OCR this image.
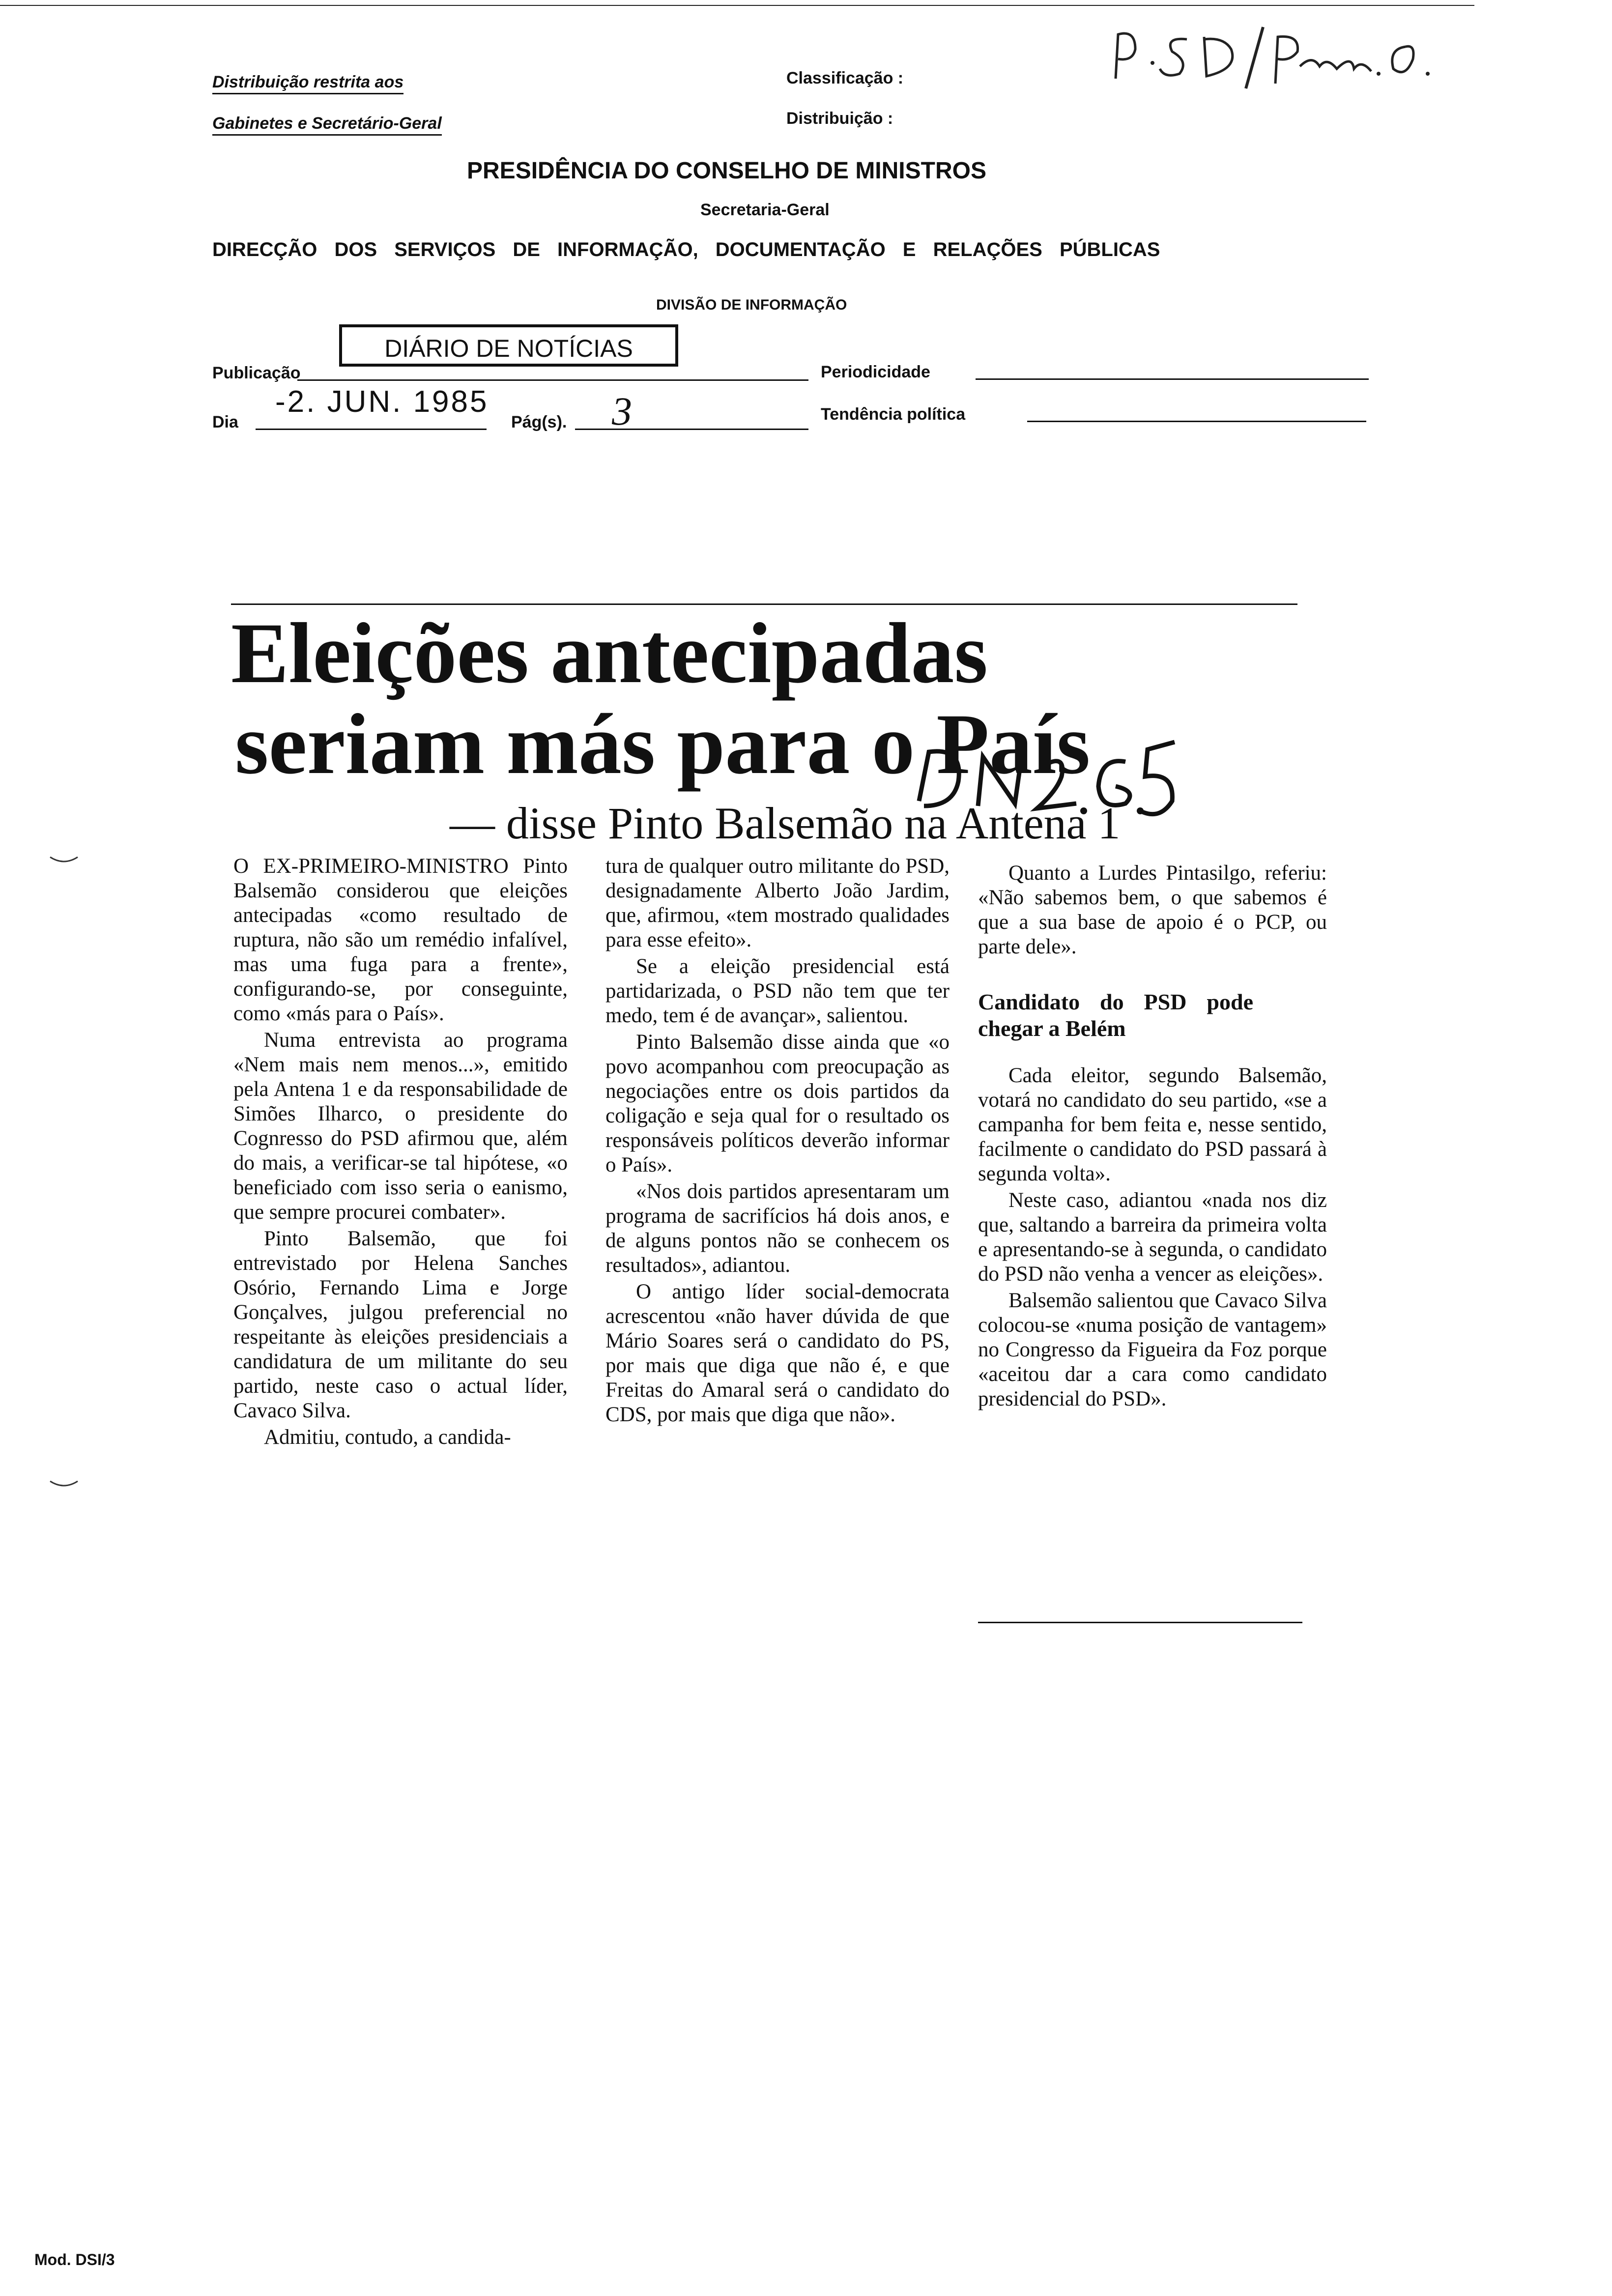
Distribuição restrita aos
Gabinetes e Secretário-Geral
Classificação :
Distribuição :
PRESIDÊNCIA DO CONSELHO DE MINISTROS
Secretaria-Geral
DIRECÇÃO DOS SERVIÇOS DE INFORMAÇÃO, DOCUMENTAÇÃO E RELAÇÕES PÚBLICAS
DIVISÃO DE INFORMAÇÃO
Publicação
DIÁRIO DE NOTÍCIAS
Periodicidade
Dia
-2. JUN. 1985
Pág(s). 3	Tendência política
Eleições antecipadas
seriam más para o País
— disse Pinto Balsemão na Antena 1

O EX-PRIMEIRO-MINISTRO Pinto Balsemão considerou que eleições antecipadas «como resultado de ruptura, não são um remédio infalível, mas uma fuga para a frente», configurando-se, por conseguinte, como «más para o País».

Numa entrevista ao programa «Nem mais nem menos...», emitido pela Antena 1 e da responsabilidade de Simões Ilharco, o presidente do Cognresso do PSD afirmou que, além do mais, a verificar-se tal hipótese, «o beneficiado com isso seria o eanismo, que sempre procurei combater».

Pinto Balsemão, que foi entrevistado por Helena Sanches Osório, Fernando Lima e Jorge Gonçalves, julgou preferencial no respeitante às eleições presidenciais a candidatura de um militante do seu partido, neste caso o actual líder, Cavaco Silva.

Admitiu, contudo, a candida-

tura de qualquer outro militante do PSD, designadamente Alberto João Jardim, que, afirmou, «tem mostrado qualidades para esse efeito».

Se a eleição presidencial está partidarizada, o PSD não tem que ter medo, tem é de avançar», salientou.

Pinto Balsemão disse ainda que «o povo acompanhou com preocupação as negociações entre os dois partidos da coligação e seja qual for o resultado os responsáveis políticos deverão informar o País».

«Nos dois partidos apresentaram um programa de sacrifícios há dois anos, e de alguns pontos não se conhecem os resultados», adiantou.

O antigo líder social-democrata acrescentou «não haver dúvida de que Mário Soares será o candidato do PS, por mais que diga que não é, e que Freitas do Amaral será o candidato do CDS, por mais que diga que não».

Quanto a Lurdes Pintasilgo, referiu: «Não sabemos bem, o que sabemos é que a sua base de apoio é o PCP, ou parte dele».

Candidato do PSD pode chegar a Belém

Cada eleitor, segundo Balsemão, votará no candidato do seu partido, «se a campanha for bem feita e, nesse sentido, facilmente o candidato do PSD passará à segunda volta».

Neste caso, adiantou «nada nos diz que, saltando a barreira da primeira volta e apresentando-se à segunda, o candidato do PSD não venha a vencer as eleições».

Balsemão salientou que Cavaco Silva colocou-se «numa posição de vantagem» no Congresso da Figueira da Foz porque «aceitou dar a cara como candidato presidencial do PSD».

Mod. DSI/3
